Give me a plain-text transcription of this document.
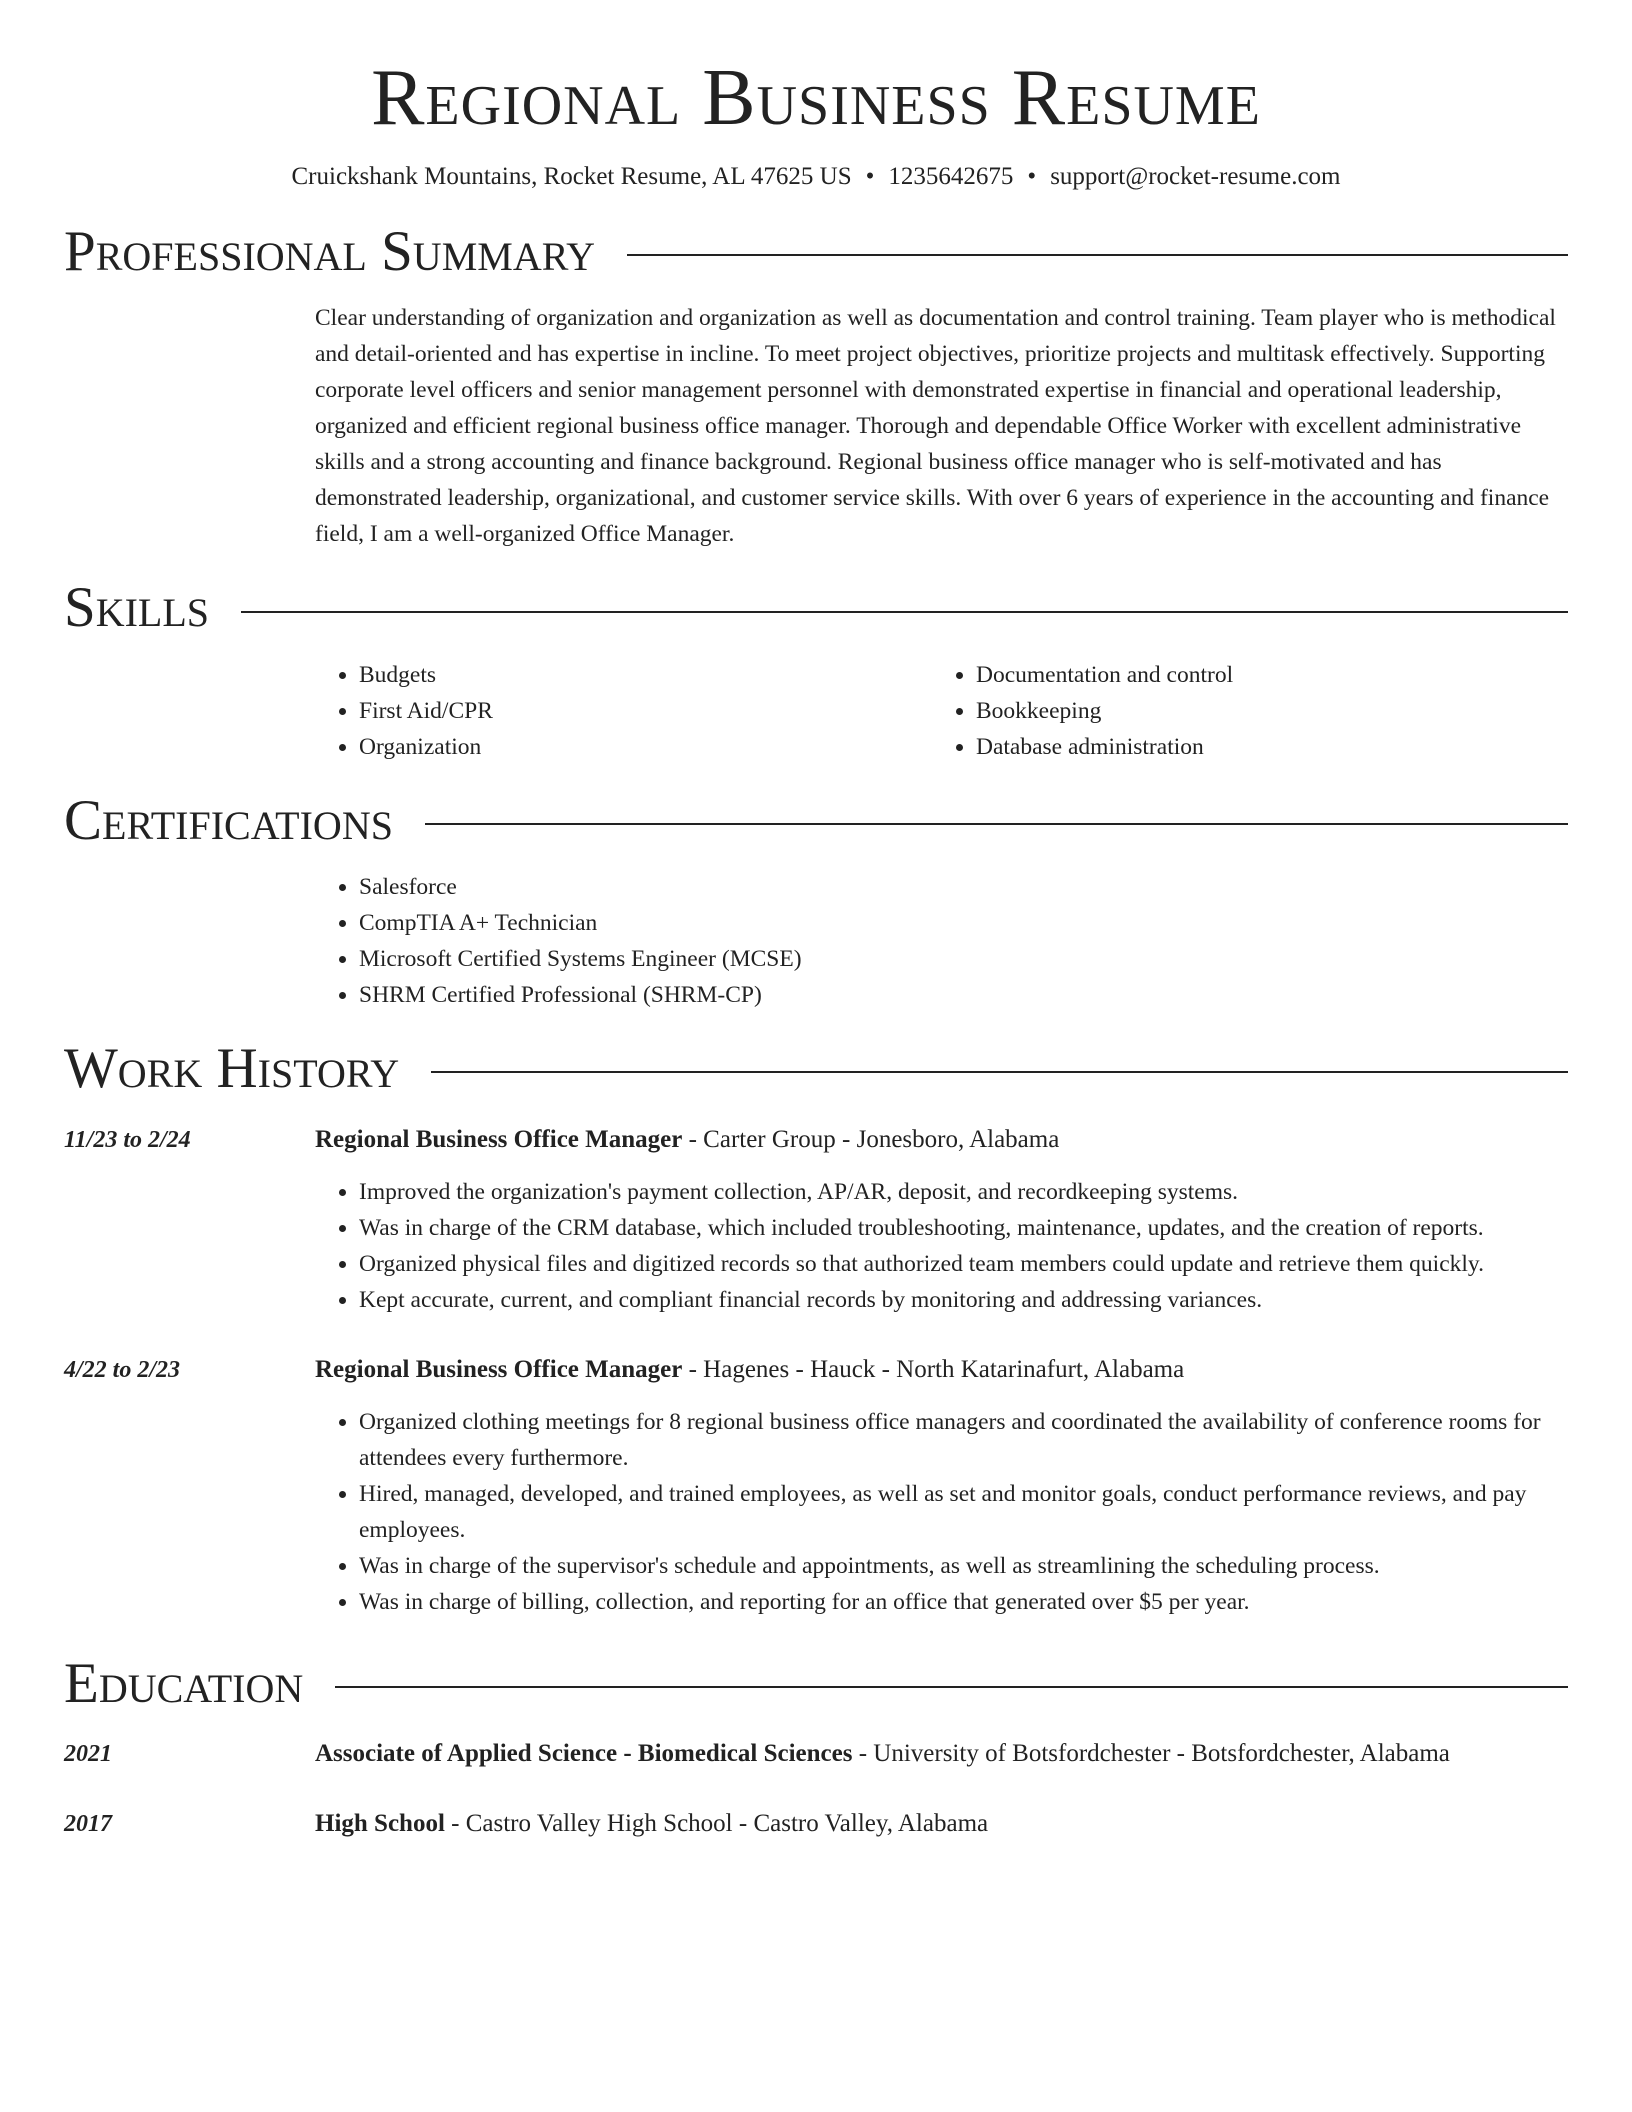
Regional Business Resume
Cruickshank Mountains, Rocket Resume, AL 47625 US • 1235642675 • support@rocket-resume.com
Professional Summary

Clear understanding of organization and organization as well as documentation and control training. Team player who is methodical and detail-oriented and has expertise in incline. To meet project objectives, prioritize projects and multitask effectively. Supporting corporate level officers and senior management personnel with demonstrated expertise in financial and operational leadership, organized and efficient regional business office manager. Thorough and dependable Office Worker with excellent administrative skills and a strong accounting and finance background. Regional business office manager who is self-motivated and has demonstrated leadership, organizational, and customer service skills. With over 6 years of experience in the accounting and finance field, I am a well-organized Office Manager.

Skills
• Budgets
• First Aid/CPR
• Organization
• Documentation and control
• Bookkeeping
• Database administration
Certifications
• Salesforce
• CompTIA A+ Technician
• Microsoft Certified Systems Engineer (MCSE)
• SHRM Certified Professional (SHRM-CP)
Work History
11/23 to 2/24	Regional Business Office Manager - Carter Group - Jonesboro, Alabama
• Improved the organization's payment collection, AP/AR, deposit, and recordkeeping systems.
• Was in charge of the CRM database, which included troubleshooting, maintenance, updates, and the creation of reports.
• Organized physical files and digitized records so that authorized team members could update and retrieve them quickly.
• Kept accurate, current, and compliant financial records by monitoring and addressing variances.
4/22 to 2/23	Regional Business Office Manager - Hagenes - Hauck - North Katarinafurt, Alabama
• Organized clothing meetings for 8 regional business office managers and coordinated the availability of conference rooms for attendees every furthermore.
• Hired, managed, developed, and trained employees, as well as set and monitor goals, conduct performance reviews, and pay employees.
• Was in charge of the supervisor's schedule and appointments, as well as streamlining the scheduling process.
• Was in charge of billing, collection, and reporting for an office that generated over $5 per year.
Education
2021	Associate of Applied Science - Biomedical Sciences - University of Botsfordchester - Botsfordchester, Alabama
2017	High School - Castro Valley High School - Castro Valley, Alabama
